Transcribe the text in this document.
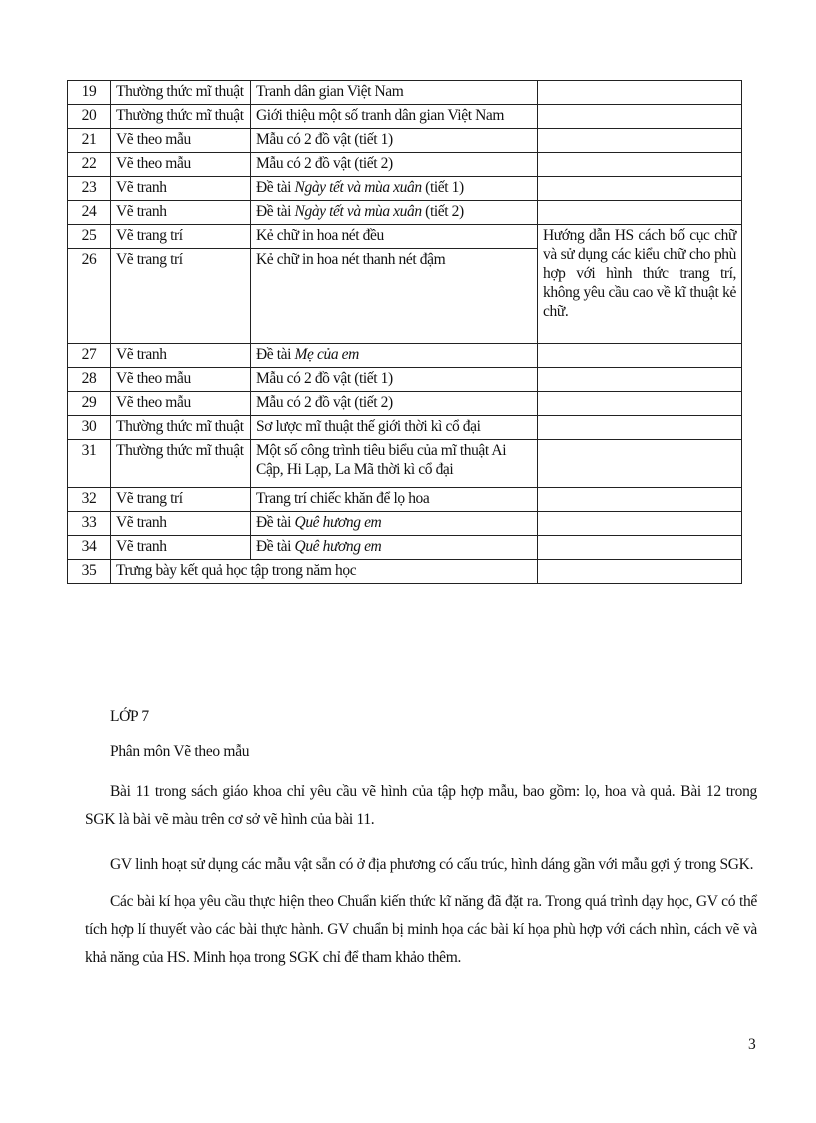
19	Thường thức mĩ thuật	Tranh dân gian Việt Nam	
20	Thường thức mĩ thuật	Giới thiệu một số tranh dân gian Việt Nam	
21	Vẽ theo mẫu	Mẫu có 2 đồ vật (tiết 1)	
22	Vẽ theo mẫu	Mẫu có 2 đồ vật (tiết 2)	
23	Vẽ tranh	Đề tài Ngày tết và mùa xuân (tiết 1)	
24	Vẽ tranh	Đề tài Ngày tết và mùa xuân (tiết 2)	
25	Vẽ trang trí	Kẻ chữ in hoa nét đều	Hướng dẫn HS cách bố cục chữ và sử dụng các kiểu chữ cho phù hợp với hình thức trang trí, không yêu cầu cao về kĩ thuật kẻ chữ.
26	Vẽ trang trí	Kẻ chữ in hoa nét thanh nét đậm	
27	Vẽ tranh	Đề tài Mẹ của em	
28	Vẽ theo mẫu	Mẫu có 2 đồ vật (tiết 1)	
29	Vẽ theo mẫu	Mẫu có 2 đồ vật (tiết 2)	
30	Thường thức mĩ thuật	Sơ lược mĩ thuật thế giới thời kì cổ đại	
31	Thường thức mĩ thuật	Một số công trình tiêu biểu của mĩ thuật Ai Cập, Hi Lạp, La Mã thời kì cổ đại	
32	Vẽ trang trí	Trang trí chiếc khăn để lọ hoa	
33	Vẽ tranh	Đề tài Quê hương em	
34	Vẽ tranh	Đề tài Quê hương em	
35	Trưng bày kết quả học tập trong năm học		
LỚP 7
Phân môn Vẽ theo mẫu
Bài 11 trong sách giáo khoa chỉ yêu cầu vẽ hình của tập hợp mẫu, bao gồm: lọ, hoa và quả. Bài 12 trong SGK là bài vẽ màu trên cơ sở vẽ hình của bài 11.
GV linh hoạt sử dụng các mẫu vật sẵn có ở địa phương có cấu trúc, hình dáng gần với mẫu gợi ý trong SGK.
Các bài kí họa yêu cầu thực hiện theo Chuẩn kiến thức kĩ năng đã đặt ra. Trong quá trình dạy học, GV có thể tích hợp lí thuyết vào các bài thực hành. GV chuẩn bị minh họa các bài kí họa phù hợp với cách nhìn, cách vẽ và khả năng của HS. Minh họa trong SGK chỉ để tham khảo thêm.
3
